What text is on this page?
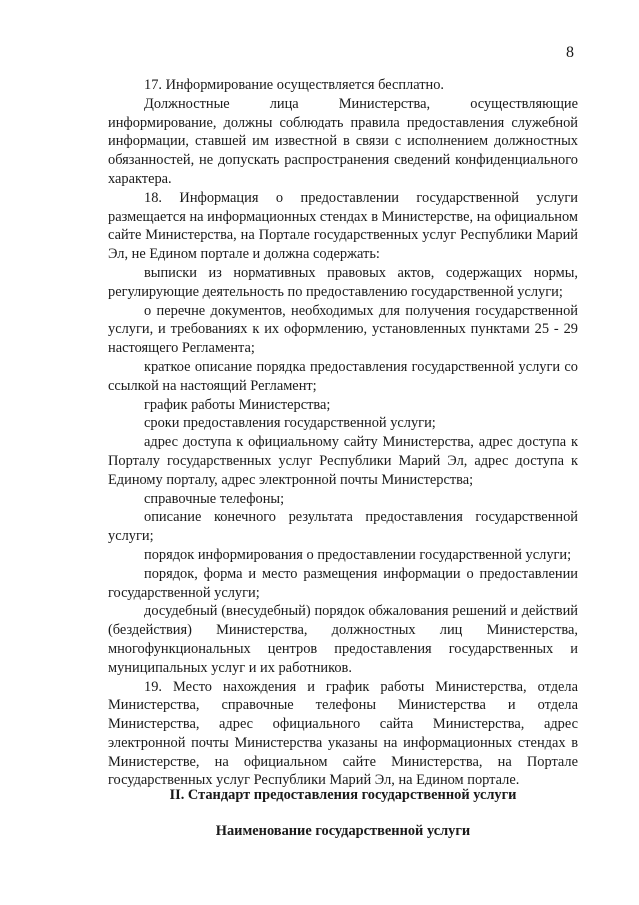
8

17. Информирование осуществляется бесплатно.

Должностные лица Министерства, осуществляющие информирование, должны соблюдать правила предоставления служебной информации, ставшей им известной в связи с исполнением должностных обязанностей, не допускать распространения сведений конфиденциального характера.

18. Информация о предоставлении государственной услуги размещается на информационных стендах в Министерстве, на официальном сайте Министерства, на Портале государственных услуг Республики Марий Эл, не Едином портале и должна содержать:

выписки из нормативных правовых актов, содержащих нормы, регулирующие деятельность по предоставлению государственной услуги;

о перечне документов, необходимых для получения государственной услуги, и требованиях к их оформлению, установленных пунктами 25 - 29 настоящего Регламента;

краткое описание порядка предоставления государственной услуги со ссылкой на настоящий Регламент;

график работы Министерства;

сроки предоставления государственной услуги;

адрес доступа к официальному сайту Министерства, адрес доступа к Порталу государственных услуг Республики Марий Эл, адрес доступа к Единому порталу, адрес электронной почты Министерства;

справочные телефоны;

описание конечного результата предоставления государственной услуги;

порядок информирования о предоставлении государственной услуги;

порядок, форма и место размещения информации о предоставлении государственной услуги;

досудебный (внесудебный) порядок обжалования решений и действий (бездействия) Министерства, должностных лиц Министерства, многофункциональных центров предоставления государственных и муниципальных услуг и их работников.

19. Место нахождения и график работы Министерства, отдела Министерства, справочные телефоны Министерства и отдела Министерства, адрес официального сайта Министерства, адрес электронной почты Министерства указаны на информационных стендах в Министерстве, на официальном сайте Министерства, на Портале государственных услуг Республики Марий Эл, на Едином портале.

II. Стандарт предоставления государственной услуги
Наименование государственной услуги
